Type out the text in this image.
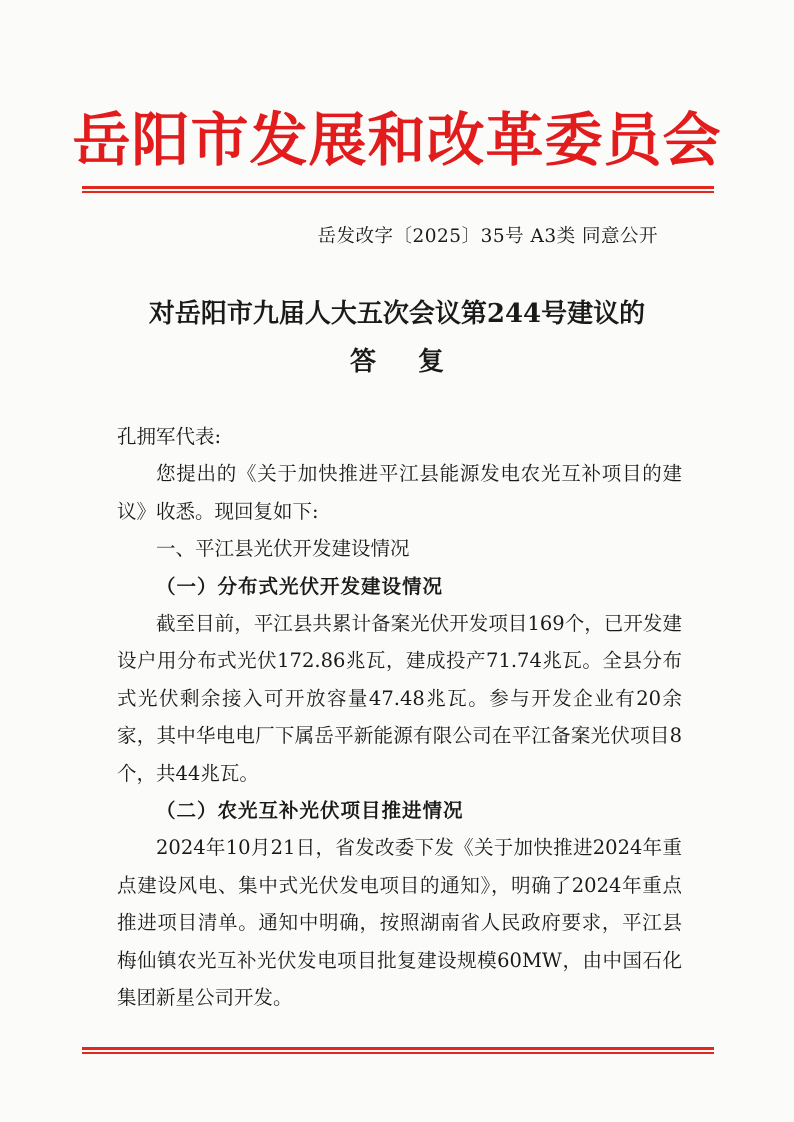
岳阳市发展和改革委员会
岳发改字〔2025〕35号 A3类 同意公开
对岳阳市九届人大五次会议第244号建议的
答复

孔拥军代表:

您提出的《关于加快推进平江县能源发电农光互补项目的建议》收悉。现回复如下:

一、平江县光伏开发建设情况

（一）分布式光伏开发建设情况

截至目前，平江县共累计备案光伏开发项目169个，已开发建设户用分布式光伏172.86兆瓦，建成投产71.74兆瓦。全县分布式光伏剩余接入可开放容量47.48兆瓦。参与开发企业有20余家，其中华电电厂下属岳平新能源有限公司在平江备案光伏项目8个，共44兆瓦。

（二）农光互补光伏项目推进情况

2024年10月21日，省发改委下发《关于加快推进2024年重点建设风电、集中式光伏发电项目的通知》，明确了2024年重点推进项目清单。通知中明确，按照湖南省人民政府要求，平江县梅仙镇农光互补光伏发电项目批复建设规模60MW，由中国石化集团新星公司开发。
